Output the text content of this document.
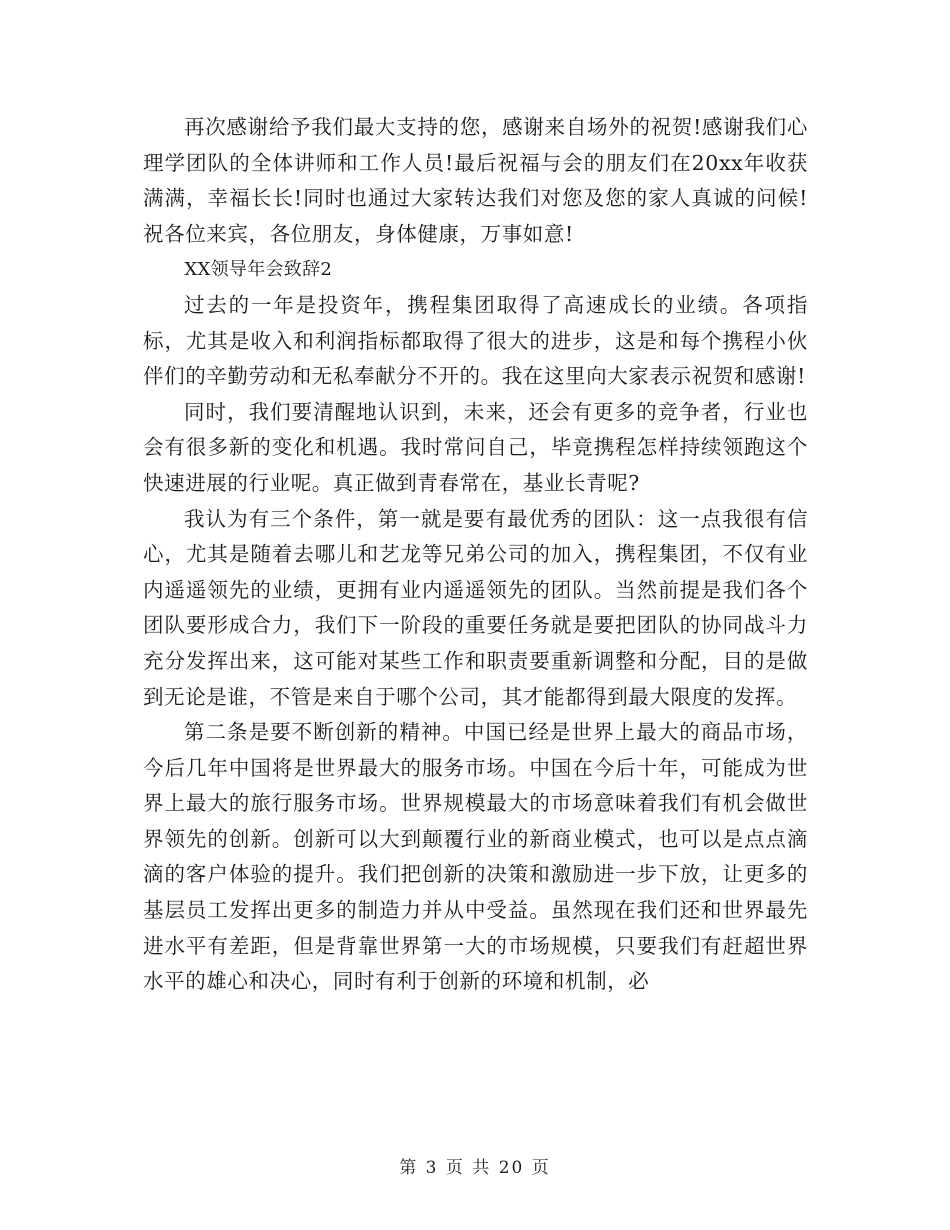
再次感谢给予我们最大支持的您，感谢来自场外的祝贺!感谢我们心理学团队的全体讲师和工作人员!最后祝福与会的朋友们在20xx年收获满满，幸福长长!同时也通过大家转达我们对您及您的家人真诚的问候!祝各位来宾，各位朋友，身体健康，万事如意!

XX领导年会致辞2

过去的一年是投资年，携程集团取得了高速成长的业绩。各项指标，尤其是收入和利润指标都取得了很大的进步，这是和每个携程小伙伴们的辛勤劳动和无私奉献分不开的。我在这里向大家表示祝贺和感谢!

同时，我们要清醒地认识到，未来，还会有更多的竞争者，行业也会有很多新的变化和机遇。我时常问自己，毕竟携程怎样持续领跑这个快速进展的行业呢。真正做到青春常在，基业长青呢?

我认为有三个条件，第一就是要有最优秀的团队：这一点我很有信心，尤其是随着去哪儿和艺龙等兄弟公司的加入，携程集团，不仅有业内遥遥领先的业绩，更拥有业内遥遥领先的团队。当然前提是我们各个团队要形成合力，我们下一阶段的重要任务就是要把团队的协同战斗力充分发挥出来，这可能对某些工作和职责要重新调整和分配，目的是做到无论是谁，不管是来自于哪个公司，其才能都得到最大限度的发挥。

第二条是要不断创新的精神。中国已经是世界上最大的商品市场，今后几年中国将是世界最大的服务市场。中国在今后十年，可能成为世界上最大的旅行服务市场。世界规模最大的市场意味着我们有机会做世界领先的创新。创新可以大到颠覆行业的新商业模式，也可以是点点滴滴的客户体验的提升。我们把创新的决策和激励进一步下放，让更多的基层员工发挥出更多的制造力并从中受益。虽然现在我们还和世界最先进水平有差距，但是背靠世界第一大的市场规模，只要我们有赶超世界水平的雄心和决心，同时有利于创新的环境和机制，必

第 3 页 共 20 页
